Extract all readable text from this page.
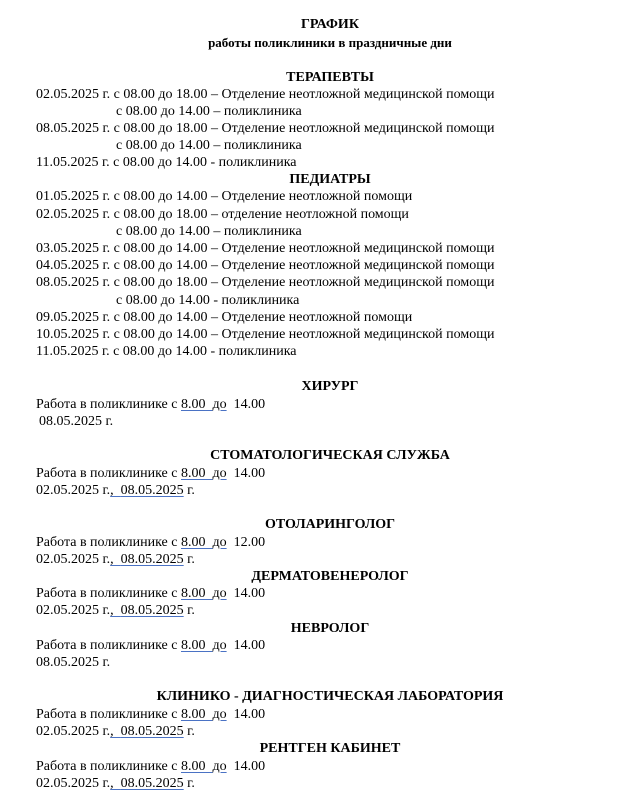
ГРАФИК
работы поликлиники в праздничные дни
ТЕРАПЕВТЫ
02.05.2025 г. с 08.00 до 18.00 – Отделение неотложной медицинской помощи
с 08.00 до 14.00 – поликлиника
08.05.2025 г. с 08.00 до 18.00 – Отделение неотложной медицинской помощи
с 08.00 до 14.00 – поликлиника
11.05.2025 г. с 08.00 до 14.00 - поликлиника
ПЕДИАТРЫ
01.05.2025 г. с 08.00 до 14.00 – Отделение неотложной помощи
02.05.2025 г. с 08.00 до 18.00 – отделение неотложной помощи
с 08.00 до 14.00 – поликлиника
03.05.2025 г. с 08.00 до 14.00 – Отделение неотложной медицинской помощи
04.05.2025 г. с 08.00 до 14.00 – Отделение неотложной медицинской помощи
08.05.2025 г. с 08.00 до 18.00 – Отделение неотложной медицинской помощи
с 08.00 до 14.00 - поликлиника
09.05.2025 г. с 08.00 до 14.00 – Отделение неотложной помощи
10.05.2025 г. с 08.00 до 14.00 – Отделение неотложной медицинской помощи
11.05.2025 г. с 08.00 до 14.00 - поликлиника
ХИРУРГ
Работа в поликлинике с 8.00 до 14.00
08.05.2025 г.
СТОМАТОЛОГИЧЕСКАЯ СЛУЖБА
Работа в поликлинике с 8.00 до 14.00
02.05.2025 г.,  08.05.2025 г.
ОТОЛАРИНГОЛОГ
Работа в поликлинике с 8.00 до 12.00
02.05.2025 г.,  08.05.2025 г.
ДЕРМАТОВЕНЕРОЛОГ
Работа в поликлинике с 8.00 до 14.00
02.05.2025 г.,  08.05.2025 г.
НЕВРОЛОГ
Работа в поликлинике с 8.00 до 14.00
08.05.2025 г.
КЛИНИКО - ДИАГНОСТИЧЕСКАЯ ЛАБОРАТОРИЯ
Работа в поликлинике с 8.00 до 14.00
02.05.2025 г.,  08.05.2025 г.
РЕНТГЕН КАБИНЕТ
Работа в поликлинике с 8.00 до 14.00
02.05.2025 г.,  08.05.2025 г.
